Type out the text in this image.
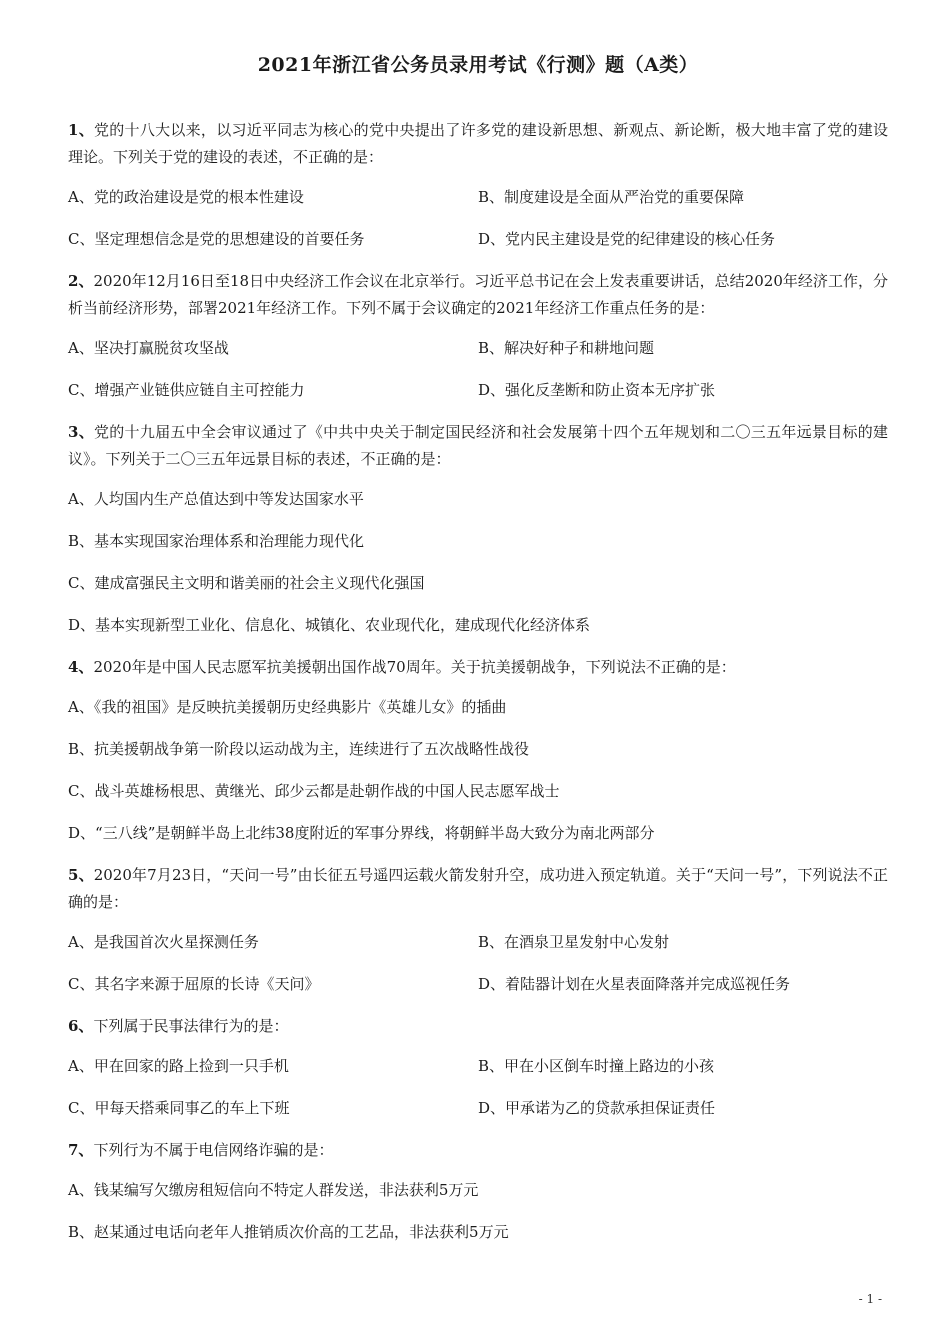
2021年浙江省公务员录用考试《行测》题（A类）
1、党的十八大以来，以习近平同志为核心的党中央提出了许多党的建设新思想、新观点、新论断，极大地丰富了党的建设理论。下列关于党的建设的表述，不正确的是：
A、党的政治建设是党的根本性建设	B、制度建设是全面从严治党的重要保障
C、坚定理想信念是党的思想建设的首要任务	D、党内民主建设是党的纪律建设的核心任务
2、2020年12月16日至18日中央经济工作会议在北京举行。习近平总书记在会上发表重要讲话，总结2020年经济工作，分析当前经济形势，部署2021年经济工作。下列不属于会议确定的2021年经济工作重点任务的是：
A、坚决打赢脱贫攻坚战	B、解决好种子和耕地问题
C、增强产业链供应链自主可控能力	D、强化反垄断和防止资本无序扩张
3、党的十九届五中全会审议通过了《中共中央关于制定国民经济和社会发展第十四个五年规划和二〇三五年远景目标的建议》。下列关于二〇三五年远景目标的表述，不正确的是：
A、人均国内生产总值达到中等发达国家水平
B、基本实现国家治理体系和治理能力现代化
C、建成富强民主文明和谐美丽的社会主义现代化强国
D、基本实现新型工业化、信息化、城镇化、农业现代化，建成现代化经济体系
4、2020年是中国人民志愿军抗美援朝出国作战70周年。关于抗美援朝战争，下列说法不正确的是：
A、《我的祖国》是反映抗美援朝历史经典影片《英雄儿女》的插曲
B、抗美援朝战争第一阶段以运动战为主，连续进行了五次战略性战役
C、战斗英雄杨根思、黄继光、邱少云都是赴朝作战的中国人民志愿军战士
D、“三八线”是朝鲜半岛上北纬38度附近的军事分界线，将朝鲜半岛大致分为南北两部分
5、2020年7月23日，“天问一号”由长征五号遥四运载火箭发射升空，成功进入预定轨道。关于“天问一号”，下列说法不正确的是：
A、是我国首次火星探测任务	B、在酒泉卫星发射中心发射
C、其名字来源于屈原的长诗《天问》	D、着陆器计划在火星表面降落并完成巡视任务
6、下列属于民事法律行为的是：
A、甲在回家的路上捡到一只手机	B、甲在小区倒车时撞上路边的小孩
C、甲每天搭乘同事乙的车上下班	D、甲承诺为乙的贷款承担保证责任
7、下列行为不属于电信网络诈骗的是：
A、钱某编写欠缴房租短信向不特定人群发送，非法获利5万元
B、赵某通过电话向老年人推销质次价高的工艺品，非法获利5万元
- 1 -
